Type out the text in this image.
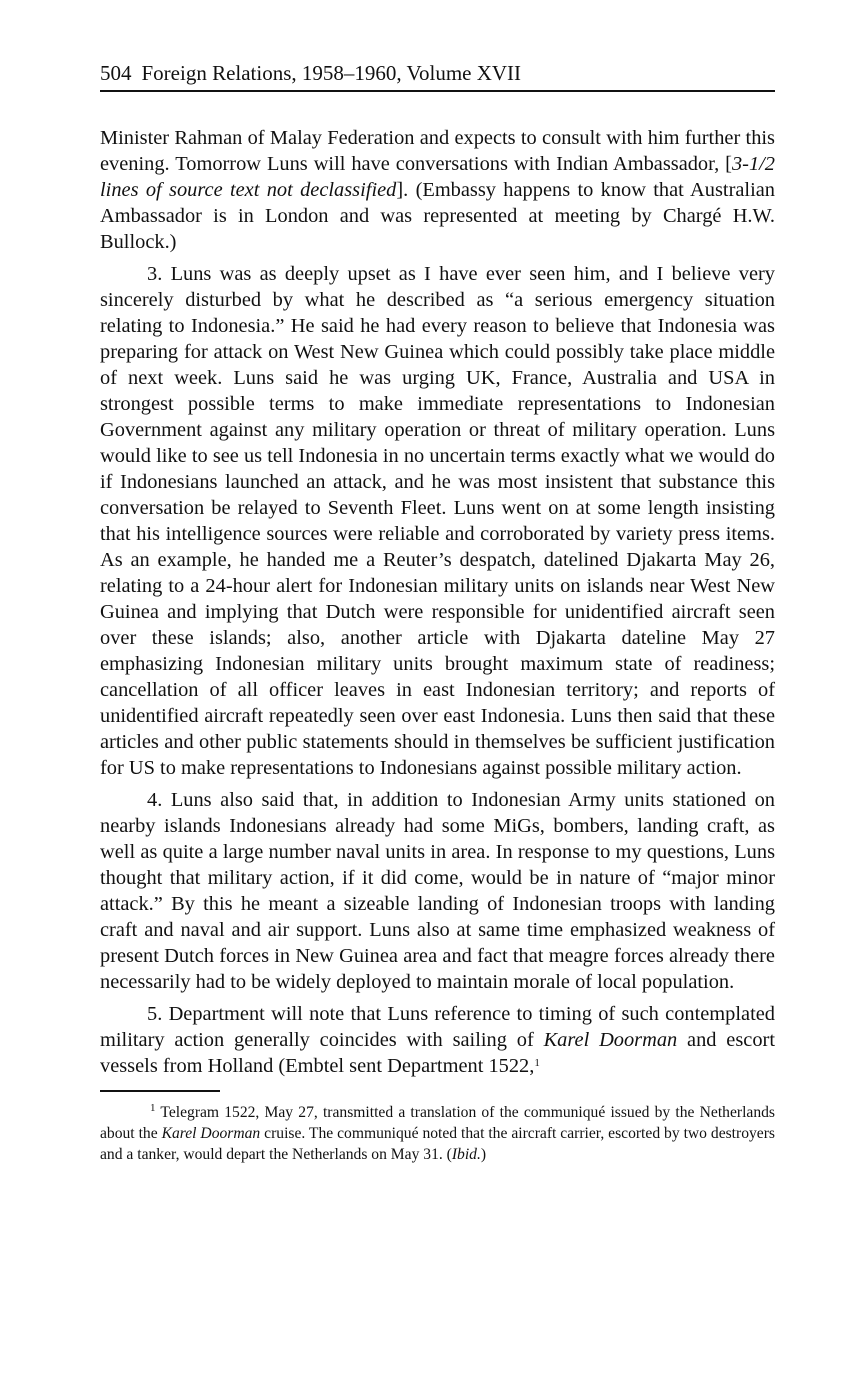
504 Foreign Relations, 1958–1960, Volume XVII

Minister Rahman of Malay Federation and expects to consult with him further this evening. Tomorrow Luns will have conversations with Indian Ambassador, [3-1/2 lines of source text not declassified]. (Embassy happens to know that Australian Ambassador is in London and was represented at meeting by Chargé H.W. Bullock.)

3. Luns was as deeply upset as I have ever seen him, and I believe very sincerely disturbed by what he described as “a serious emergency situation relating to Indonesia.” He said he had every reason to believe that Indonesia was preparing for attack on West New Guinea which could possibly take place middle of next week. Luns said he was urging UK, France, Australia and USA in strongest possible terms to make immediate representations to Indonesian Government against any military operation or threat of military operation. Luns would like to see us tell Indonesia in no uncertain terms exactly what we would do if Indonesians launched an attack, and he was most insistent that substance this conversation be relayed to Seventh Fleet. Luns went on at some length insisting that his intelligence sources were reliable and corroborated by variety press items. As an example, he handed me a Reuter’s despatch, datelined Djakarta May 26, relating to a 24-hour alert for Indonesian military units on islands near West New Guinea and implying that Dutch were responsible for unidentified aircraft seen over these islands; also, another article with Djakarta dateline May 27 emphasizing Indonesian military units brought maximum state of readiness; cancellation of all officer leaves in east Indonesian territory; and reports of unidentified aircraft repeatedly seen over east Indonesia. Luns then said that these articles and other public statements should in themselves be sufficient justification for US to make representations to Indonesians against possible military action.

4. Luns also said that, in addition to Indonesian Army units stationed on nearby islands Indonesians already had some MiGs, bombers, landing craft, as well as quite a large number naval units in area. In response to my questions, Luns thought that military action, if it did come, would be in nature of “major minor attack.” By this he meant a sizeable landing of Indonesian troops with landing craft and naval and air support. Luns also at same time emphasized weakness of present Dutch forces in New Guinea area and fact that meagre forces already there necessarily had to be widely deployed to maintain morale of local population.

5. Department will note that Luns reference to timing of such contemplated military action generally coincides with sailing of Karel Doorman and escort vessels from Holland (Embtel sent Department 1522,$^1$

$^1$ Telegram 1522, May 27, transmitted a translation of the communiqué issued by the Netherlands about the Karel Doorman cruise. The communiqué noted that the aircraft carrier, escorted by two destroyers and a tanker, would depart the Netherlands on May 31. (Ibid.)
